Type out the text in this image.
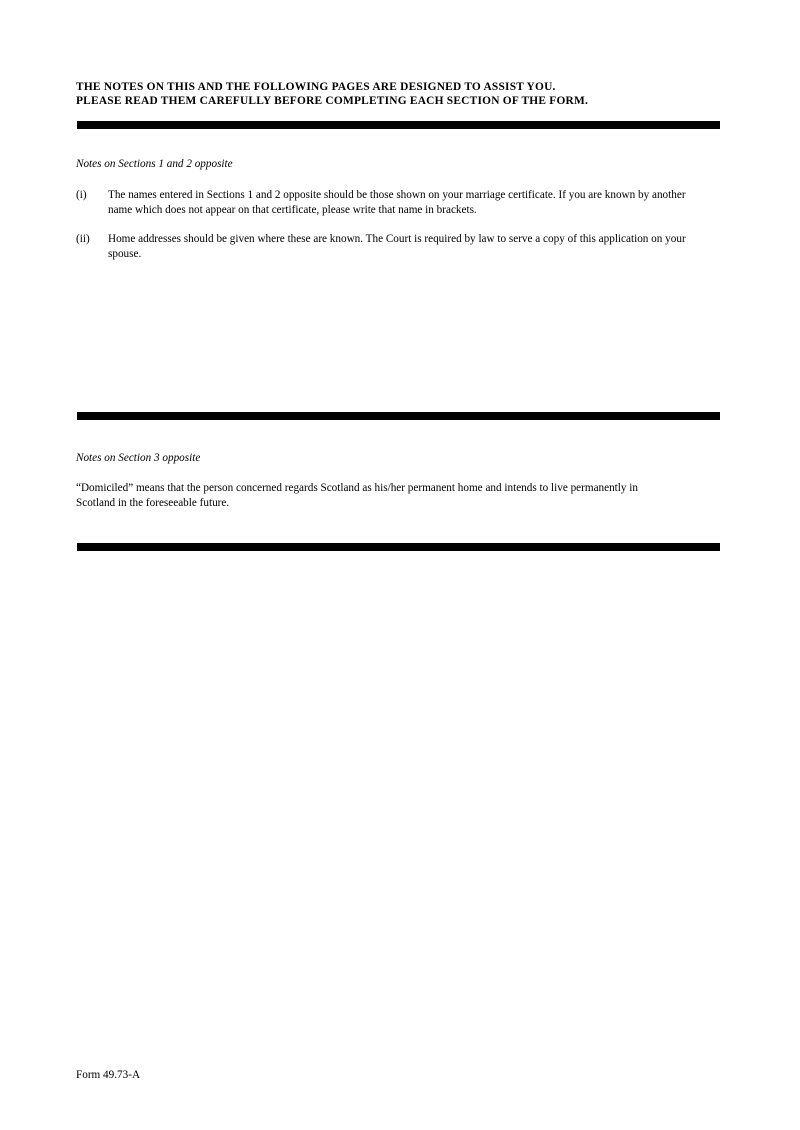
THE NOTES ON THIS AND THE FOLLOWING PAGES ARE DESIGNED TO ASSIST YOU.
PLEASE READ THEM CAREFULLY BEFORE COMPLETING EACH SECTION OF THE FORM.
Notes on Sections 1 and 2 opposite
(i) The names entered in Sections 1 and 2 opposite should be those shown on your marriage certificate. If you are known by another name which does not appear on that certificate, please write that name in brackets.
(ii) Home addresses should be given where these are known. The Court is required by law to serve a copy of this application on your spouse.
Notes on Section 3 opposite
“Domiciled” means that the person concerned regards Scotland as his/her permanent home and intends to live permanently in Scotland in the foreseeable future.
Form 49.73-A
